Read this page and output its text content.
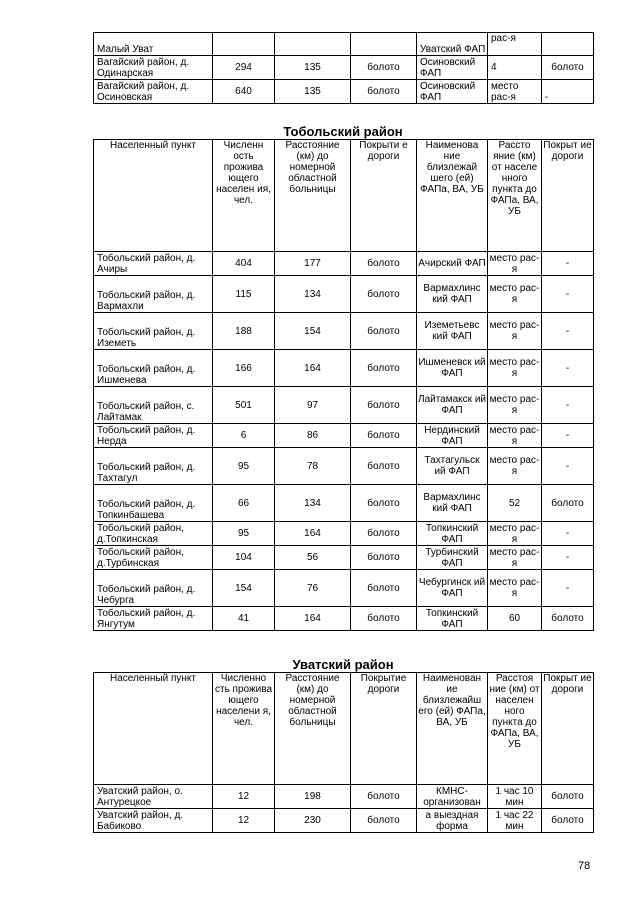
Малый Уват				Уватский ФАП	рас-я	
Вагайский район, д. Одинарская	294	135	болото	Осиновский ФАП	4	болото
Вагайский район, д. Осиновская	640	135	болото	Осиновский ФАП	место рас-я	-
Тобольский район
Населенный пункт	Численн ость прожива ющего населен ия, чел.	Расстояние (км) до номерной областной больницы	Покрыти е дороги	Наименова ние близлежай шего (ей) ФАПа, ВА, УБ	Рассто яние (км) от населе нного пункта до ФАПа, ВА, УБ	Покрыт ие дороги
Тобольский район, д. Ачиры	404	177	болото	Ачирский ФАП	место рас-я	-
Тобольский район, д. Вармахли	115	134	болото	Вармахлинс кий ФАП	место рас-я	-
Тобольский район, д. Иземеть	188	154	болото	Иземетьевс кий ФАП	место рас-я	-
Тобольский район, д. Ишменева	166	164	болото	Ишменевск ий ФАП	место рас-я	-
Тобольский район, с. Лайтамак	501	97	болото	Лайтамакск ий ФАП	место рас-я	-
Тобольский район, д. Нерда	6	86	болото	Нердинский ФАП	место рас-я	-
Тобольский район, д. Тахтагул	95	78	болото	Тахтагульск ий ФАП	место рас-я	-
Тобольский район, д. Топкинбашева	66	134	болото	Вармахлинс кий ФАП	52	болото
Тобольский район, д.Топкинская	95	164	болото	Топкинский ФАП	место рас-я	-
Тобольский район, д.Турбинская	104	56	болото	Турбинский ФАП	место рас-я	-
Тобольский район, д. Чебурга	154	76	болото	Чебургинск ий ФАП	место рас-я	-
Тобольский район, д. Янгутум	41	164	болото	Топкинский ФАП	60	болото
Уватский район
Населенный пункт	Численно сть прожива ющего населени я, чел.	Расстояние (км) до номерной областной больницы	Покрытие дороги	Наименован ие близлежайш его (ей) ФАПа, ВА, УБ	Расстоя ние (км) от населен ного пункта до ФАПа, ВА, УБ	Покрыт ие дороги
Уватский район, о. Антурецкое	12	198	болото	КМНС- организован	1 час 10 мин	болото
Уватский район, д. Бабиково	12	230	болото	а выездная форма	1 час 22 мин	болото
78
